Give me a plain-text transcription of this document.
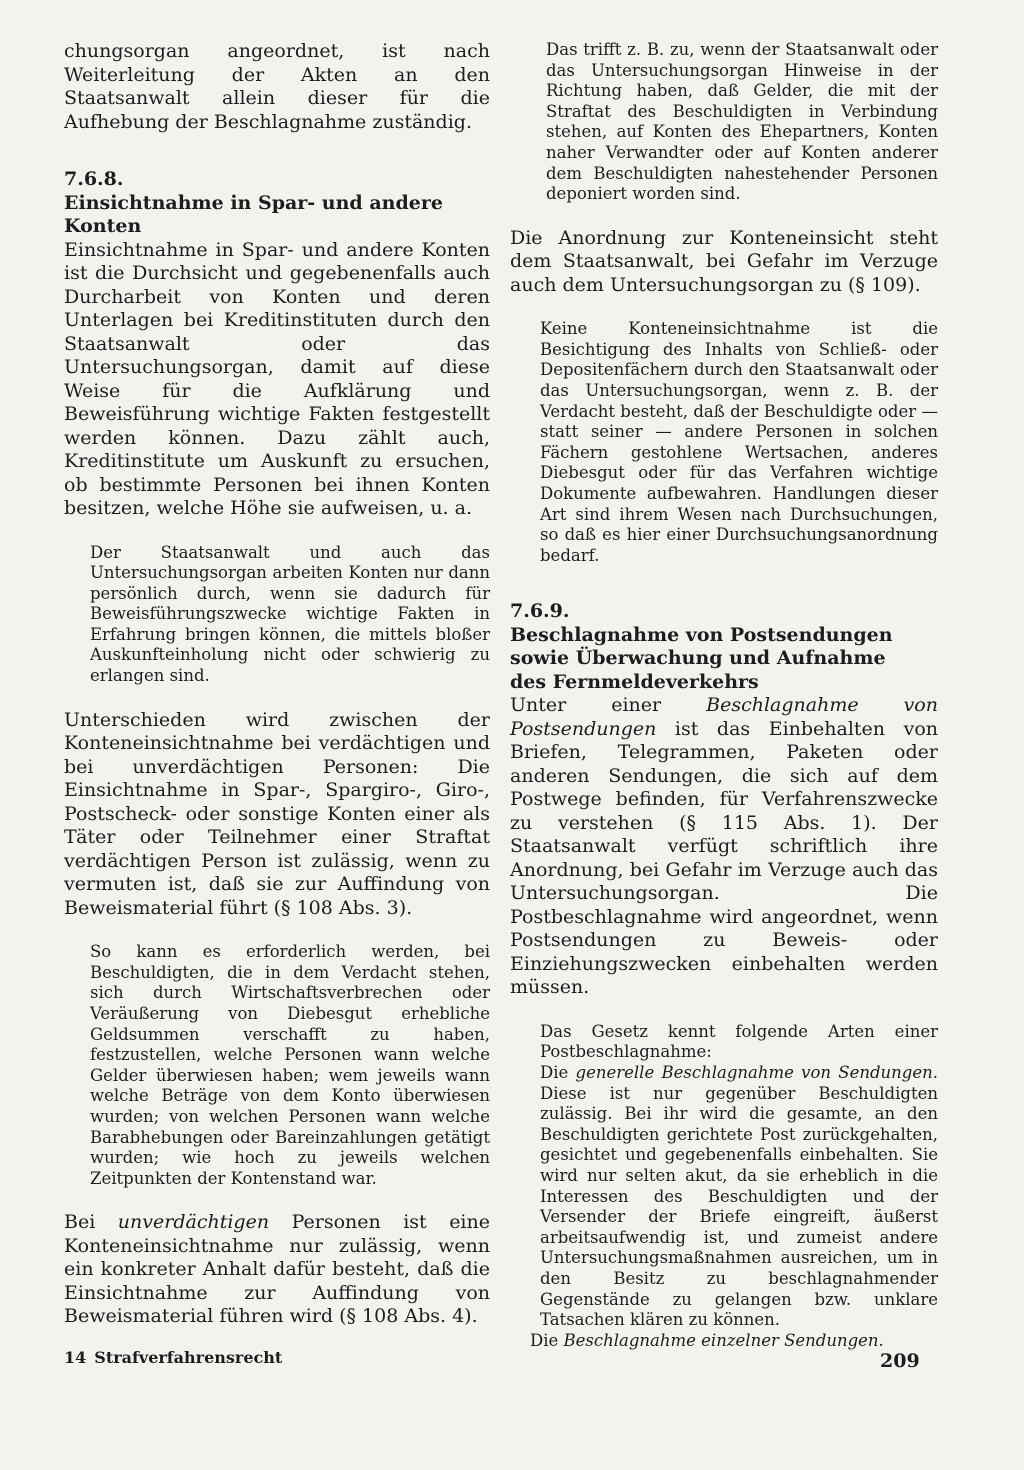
chungsorgan angeordnet, ist nach Weiterleitung der Akten an den Staatsanwalt allein dieser für die Aufhebung der Beschlagnahme zuständig.

7.6.8.

Einsichtnahme in Spar- und andere Konten

Einsichtnahme in Spar- und andere Konten ist die Durchsicht und gegebenenfalls auch Durcharbeit von Konten und deren Unterlagen bei Kreditinstituten durch den Staatsanwalt oder das Untersuchungsorgan, damit auf diese Weise für die Aufklärung und Beweisführung wichtige Fakten festgestellt werden können. Dazu zählt auch, Kreditinstitute um Auskunft zu ersuchen, ob bestimmte Personen bei ihnen Konten besitzen, welche Höhe sie aufweisen, u. a.

Der Staatsanwalt und auch das Untersuchungsorgan arbeiten Konten nur dann persönlich durch, wenn sie dadurch für Beweisführungszwecke wichtige Fakten in Erfahrung bringen können, die mittels bloßer Auskunfteinholung nicht oder schwierig zu erlangen sind.

Unterschieden wird zwischen der Konteneinsichtnahme bei verdächtigen und bei unverdächtigen Personen: Die Einsichtnahme in Spar-, Spargiro-, Giro-, Postscheck- oder sonstige Konten einer als Täter oder Teilnehmer einer Straftat verdächtigen Person ist zulässig, wenn zu vermuten ist, daß sie zur Auffindung von Beweismaterial führt (§ 108 Abs. 3).

So kann es erforderlich werden, bei Beschuldigten, die in dem Verdacht stehen, sich durch Wirtschaftsverbrechen oder Veräußerung von Diebesgut erhebliche Geldsummen verschafft zu haben, festzustellen, welche Personen wann welche Gelder überwiesen haben; wem jeweils wann welche Beträge von dem Konto überwiesen wurden; von welchen Personen wann welche Barabhebungen oder Bareinzahlungen getätigt wurden; wie hoch zu jeweils welchen Zeitpunkten der Kontenstand war.

Bei unverdächtigen Personen ist eine Konteneinsichtnahme nur zulässig, wenn ein konkreter Anhalt dafür besteht, daß die Einsichtnahme zur Auffindung von Beweismaterial führen wird (§ 108 Abs. 4).

Das trifft z. B. zu, wenn der Staatsanwalt oder das Untersuchungsorgan Hinweise in der Richtung haben, daß Gelder, die mit der Straftat des Beschuldigten in Verbindung stehen, auf Konten des Ehepartners, Konten naher Verwandter oder auf Konten anderer dem Beschuldigten nahestehender Personen deponiert worden sind.

Die Anordnung zur Konteneinsicht steht dem Staatsanwalt, bei Gefahr im Verzuge auch dem Untersuchungsorgan zu (§ 109).

Keine Konteneinsichtnahme ist die Besichtigung des Inhalts von Schließ- oder Depositenfächern durch den Staatsanwalt oder das Untersuchungsorgan, wenn z. B. der Verdacht besteht, daß der Beschuldigte oder — statt seiner — andere Personen in solchen Fächern gestohlene Wertsachen, anderes Diebesgut oder für das Verfahren wichtige Dokumente aufbewahren. Handlungen dieser Art sind ihrem Wesen nach Durchsuchungen, so daß es hier einer Durchsuchungsanordnung bedarf.

7.6.9.

Beschlagnahme von Postsendungen

sowie Überwachung und Aufnahme

des Fernmeldeverkehrs

Unter einer Beschlagnahme von Postsendungen ist das Einbehalten von Briefen, Telegrammen, Paketen oder anderen Sendungen, die sich auf dem Postwege befinden, für Verfahrenszwecke zu verstehen (§ 115 Abs. 1). Der Staatsanwalt verfügt schriftlich ihre Anordnung, bei Gefahr im Verzuge auch das Untersuchungsorgan. Die Postbeschlagnahme wird angeordnet, wenn Postsendungen zu Beweis- oder Einziehungszwecken einbehalten werden müssen.

Das Gesetz kennt folgende Arten einer Postbeschlagnahme:

Die generelle Beschlagnahme von Sendungen. Diese ist nur gegenüber Beschuldigten zulässig. Bei ihr wird die gesamte, an den Beschuldigten gerichtete Post zurückgehalten, gesichtet und gegebenenfalls einbehalten. Sie wird nur selten akut, da sie erheblich in die Interessen des Beschuldigten und der Versender der Briefe eingreift, äußerst arbeitsaufwendig ist, und zumeist andere Untersuchungsmaßnahmen ausreichen, um in den Besitz zu beschlagnahmender Gegenstände zu gelangen bzw. unklare Tatsachen klären zu können.

Die Beschlagnahme einzelner Sendungen.

14 Strafverfahrensrecht	209
